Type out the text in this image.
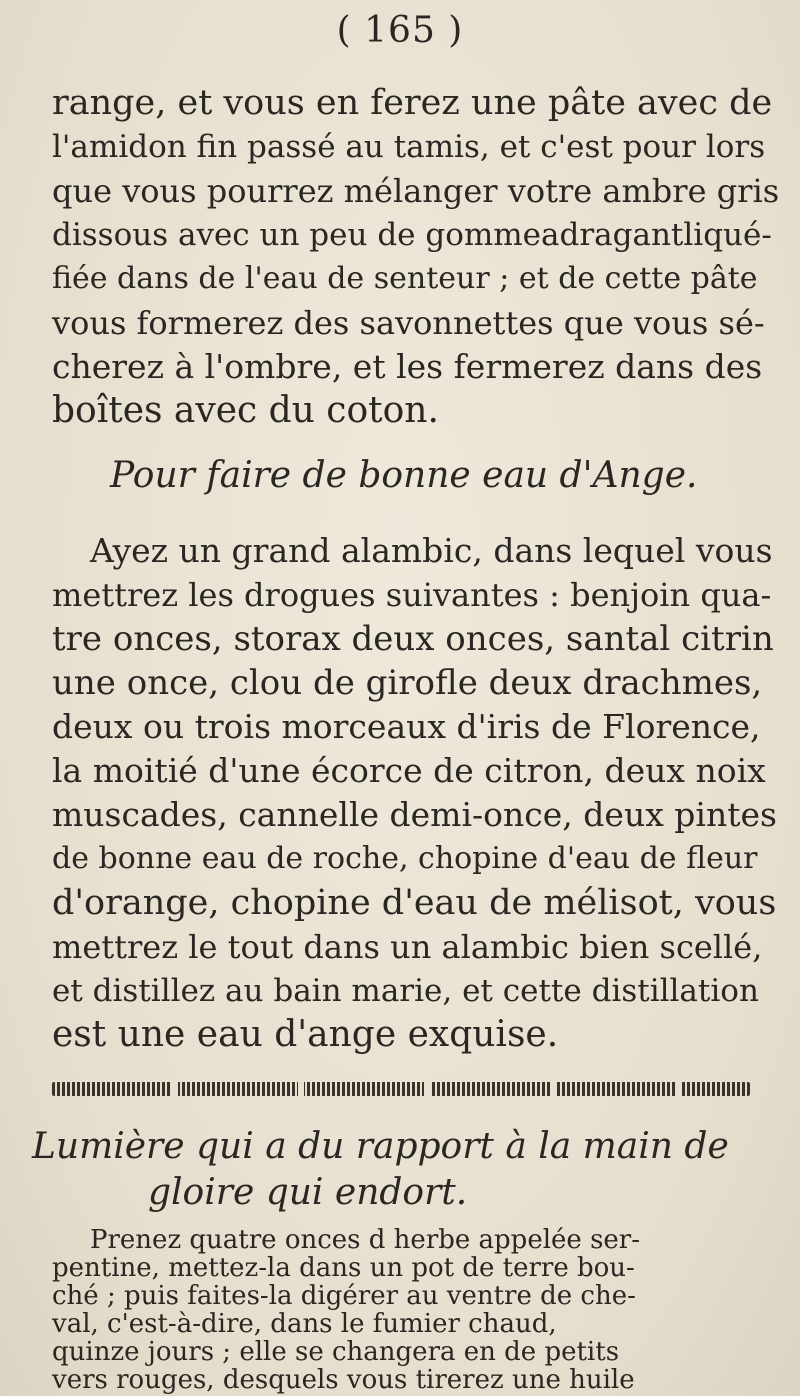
( 165 )
range, et vous en ferez une pâte avec de
l'amidon fin passé au tamis, et c'est pour lors
que vous pourrez mélanger votre ambre gris
dissous avec un peu de gommeadragantliqué-
fiée dans de l'eau de senteur ; et de cette pâte
vous formerez des savonnettes que vous sé-
cherez à l'ombre, et les fermerez dans des
boîtes avec du coton.
Pour faire de bonne eau d'Ange.
Ayez un grand alambic, dans lequel vous
mettrez les drogues suivantes : benjoin qua-
tre onces, storax deux onces, santal citrin
une once, clou de girofle deux drachmes,
deux ou trois morceaux d'iris de Florence,
la moitié d'une écorce de citron, deux noix
muscades, cannelle demi-once, deux pintes
de bonne eau de roche, chopine d'eau de fleur
d'orange, chopine d'eau de mélisot, vous
mettrez le tout dans un alambic bien scellé,
et distillez au bain marie, et cette distillation
est une eau d'ange exquise.
Lumière qui a du rapport à la main de
gloire qui endort.
Prenez quatre onces d herbe appelée ser-
pentine, mettez-la dans un pot de terre bou-
ché ; puis faites-la digérer au ventre de che-
val, c'est-à-dire, dans le fumier chaud,
quinze jours ; elle se changera en de petits
vers rouges, desquels vous tirerez une huile
